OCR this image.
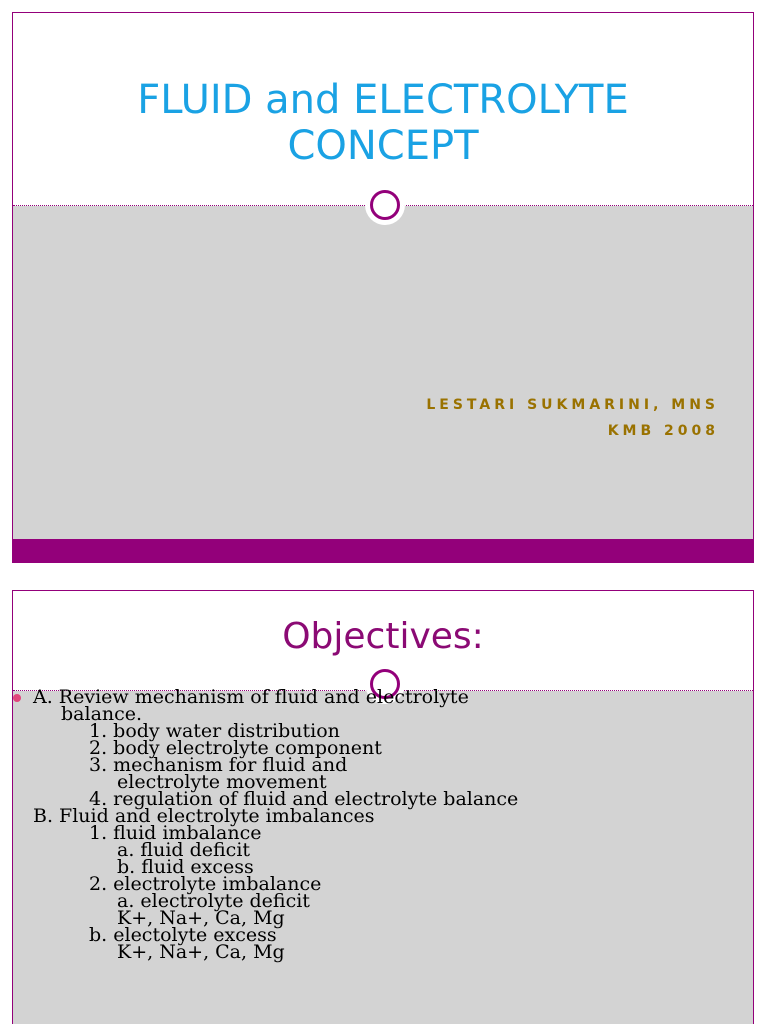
FLUID and ELECTROLYTE
CONCEPT
LESTARI SUKMARINI, MNS
KMB 2008
Objectives:
A. Review mechanism of fluid and electrolyte
balance.
1. body water distribution
2. body electrolyte component
3. mechanism for fluid and
electrolyte movement
4. regulation of fluid and electrolyte balance
B. Fluid and electrolyte imbalances
1. fluid imbalance
a. fluid deficit
b. fluid excess
2. electrolyte imbalance
a. electrolyte deficit
K+, Na+, Ca, Mg
b. electolyte excess
K+, Na+, Ca, Mg
